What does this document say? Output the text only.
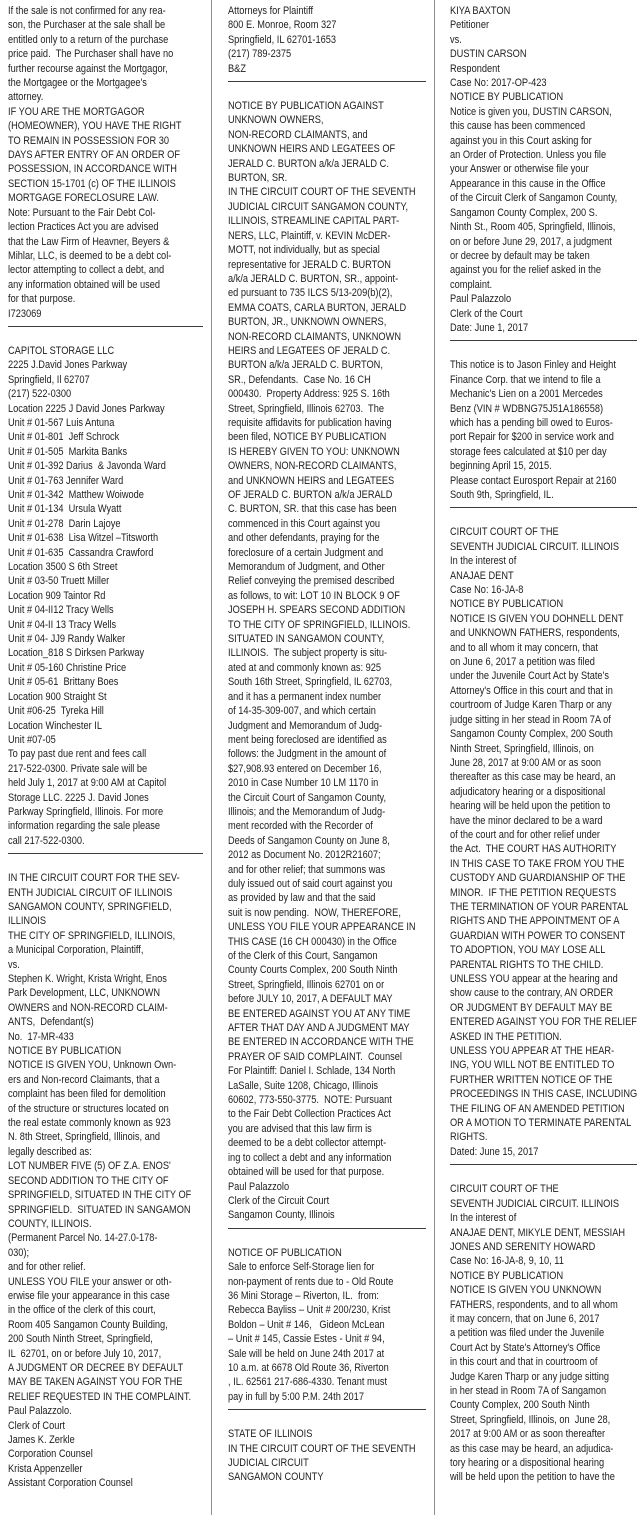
If the sale is not confirmed for any rea-
son, the Purchaser at the sale shall be
entitled only to a return of the purchase
price paid.  The Purchaser shall have no
further recourse against the Mortgagor,
the Mortgagee or the Mortgagee's
attorney.
IF YOU ARE THE MORTGAGOR
(HOMEOWNER), YOU HAVE THE RIGHT
TO REMAIN IN POSSESSION FOR 30
DAYS AFTER ENTRY OF AN ORDER OF
POSSESSION, IN ACCORDANCE WITH
SECTION 15-1701 (c) OF THE ILLINOIS
MORTGAGE FORECLOSURE LAW.
Note: Pursuant to the Fair Debt Col-
lection Practices Act you are advised
that the Law Firm of Heavner, Beyers &
Mihlar, LLC, is deemed to be a debt col-
lector attempting to collect a debt, and
any information obtained will be used
for that purpose.
I723069
CAPITOL STORAGE LLC
2225 J.David Jones Parkway
Springfield, Il 62707
(217) 522-0300
Location 2225 J David Jones Parkway
Unit # 01-567 Luis Antuna
Unit # 01-801  Jeff Schrock
Unit # 01-505  Markita Banks
Unit # 01-392 Darius  & Javonda Ward
Unit # 01-763 Jennifer Ward
Unit # 01-342  Matthew Woiwode
Unit # 01-134  Ursula Wyatt
Unit # 01-278  Darin Lajoye
Unit # 01-638  Lisa Witzel –Titsworth
Unit # 01-635  Cassandra Crawford
Location 3500 S 6th Street
Unit # 03-50 Truett Miller
Location 909 Taintor Rd
Unit # 04-II12 Tracy Wells
Unit # 04-II 13 Tracy Wells
Unit # 04- JJ9 Randy Walker
Location_818 S Dirksen Parkway
Unit # 05-160 Christine Price
Unit # 05-61  Brittany Boes
Location 900 Straight St
Unit #06-25  Tyreka Hill
Location Winchester IL
Unit #07-05
To pay past due rent and fees call
217-522-0300. Private sale will be
held July 1, 2017 at 9:00 AM at Capitol
Storage LLC. 2225 J. David Jones
Parkway Springfield, Illinois. For more
information regarding the sale please
call 217-522-0300.
IN THE CIRCUIT COURT FOR THE SEV-
ENTH JUDICIAL CIRCUIT OF ILLINOIS
SANGAMON COUNTY, SPRINGFIELD,
ILLINOIS
THE CITY OF SPRINGFIELD, ILLINOIS,
a Municipal Corporation, Plaintiff,
vs.
Stephen K. Wright, Krista Wright, Enos
Park Development, LLC, UNKNOWN
OWNERS and NON-RECORD CLAIM-
ANTS,  Defendant(s)
No.  17-MR-433
NOTICE BY PUBLICATION
NOTICE IS GIVEN YOU, Unknown Own-
ers and Non-record Claimants, that a
complaint has been filed for demolition
of the structure or structures located on
the real estate commonly known as 923
N. 8th Street, Springfield, Illinois, and
legally described as:
LOT NUMBER FIVE (5) OF Z.A. ENOS'
SECOND ADDITION TO THE CITY OF
SPRINGFIELD, SITUATED IN THE CITY OF
SPRINGFIELD.  SITUATED IN SANGAMON
COUNTY, ILLINOIS.
(Permanent Parcel No. 14-27.0-178-
030);
and for other relief.
UNLESS YOU FILE your answer or oth-
erwise file your appearance in this case
in the office of the clerk of this court,
Room 405 Sangamon County Building,
200 South Ninth Street, Springfield,
IL  62701, on or before July 10, 2017,
A JUDGMENT OR DECREE BY DEFAULT
MAY BE TAKEN AGAINST YOU FOR THE
RELIEF REQUESTED IN THE COMPLAINT.
Paul Palazzolo.
Clerk of Court
James K. Zerkle
Corporation Counsel
Krista Appenzeller
Assistant Corporation Counsel
Attorneys for Plaintiff
800 E. Monroe, Room 327
Springfield, IL 62701-1653
(217) 789-2375
B&Z
NOTICE BY PUBLICATION AGAINST
UNKNOWN OWNERS,
NON-RECORD CLAIMANTS, and
UNKNOWN HEIRS AND LEGATEES OF
JERALD C. BURTON a/k/a JERALD C.
BURTON, SR.
IN THE CIRCUIT COURT OF THE SEVENTH
JUDICIAL CIRCUIT SANGAMON COUNTY,
ILLINOIS, STREAMLINE CAPITAL PART-
NERS, LLC, Plaintiff, v. KEVIN McDER-
MOTT, not individually, but as special
representative for JERALD C. BURTON
a/k/a JERALD C. BURTON, SR., appoint-
ed pursuant to 735 ILCS 5/13-209(b)(2),
EMMA COATS, CARLA BURTON, JERALD
BURTON, JR., UNKNOWN OWNERS,
NON-RECORD CLAIMANTS, UNKNOWN
HEIRS and LEGATEES OF JERALD C.
BURTON a/k/a JERALD C. BURTON,
SR., Defendants.  Case No. 16 CH
000430.  Property Address: 925 S. 16th
Street, Springfield, Illinois 62703.  The
requisite affidavits for publication having
been filed, NOTICE BY PUBLICATION
IS HEREBY GIVEN TO YOU: UNKNOWN
OWNERS, NON-RECORD CLAIMANTS,
and UNKNOWN HEIRS and LEGATEES
OF JERALD C. BURTON a/k/a JERALD
C. BURTON, SR. that this case has been
commenced in this Court against you
and other defendants, praying for the
foreclosure of a certain Judgment and
Memorandum of Judgment, and Other
Relief conveying the premised described
as follows, to wit: LOT 10 IN BLOCK 9 OF
JOSEPH H. SPEARS SECOND ADDITION
TO THE CITY OF SPRINGFIELD, ILLINOIS.
SITUATED IN SANGAMON COUNTY,
ILLINOIS.  The subject property is situ-
ated at and commonly known as: 925
South 16th Street, Springfield, IL 62703,
and it has a permanent index number
of 14-35-309-007, and which certain
Judgment and Memorandum of Judg-
ment being foreclosed are identified as
follows: the Judgment in the amount of
$27,908.93 entered on December 16,
2010 in Case Number 10 LM 1170 in
the Circuit Court of Sangamon County,
Illinois; and the Memorandum of Judg-
ment recorded with the Recorder of
Deeds of Sangamon County on June 8,
2012 as Document No. 2012R21607;
and for other relief; that summons was
duly issued out of said court against you
as provided by law and that the said
suit is now pending.  NOW, THEREFORE,
UNLESS YOU FILE YOUR APPEARANCE IN
THIS CASE (16 CH 000430) in the Office
of the Clerk of this Court, Sangamon
County Courts Complex, 200 South Ninth
Street, Springfield, Illinois 62701 on or
before JULY 10, 2017, A DEFAULT MAY
BE ENTERED AGAINST YOU AT ANY TIME
AFTER THAT DAY AND A JUDGMENT MAY
BE ENTERED IN ACCORDANCE WITH THE
PRAYER OF SAID COMPLAINT.  Counsel
For Plaintiff: Daniel I. Schlade, 134 North
LaSalle, Suite 1208, Chicago, Illinois
60602, 773-550-3775.  NOTE: Pursuant
to the Fair Debt Collection Practices Act
you are advised that this law firm is
deemed to be a debt collector attempt-
ing to collect a debt and any information
obtained will be used for that purpose.
Paul Palazzolo
Clerk of the Circuit Court
Sangamon County, Illinois
NOTICE OF PUBLICATION
Sale to enforce Self-Storage lien for
non-payment of rents due to - Old Route
36 Mini Storage – Riverton, IL.  from:
Rebecca Bayliss – Unit # 200/230, Krist
Boldon – Unit # 146,   Gideon McLean
– Unit # 145, Cassie Estes - Unit # 94,
Sale will be held on June 24th 2017 at
10 a.m. at 6678 Old Route 36, Riverton
, IL. 62561 217-686-4330. Tenant must
pay in full by 5:00 P.M. 24th 2017
STATE OF ILLINOIS
IN THE CIRCUIT COURT OF THE SEVENTH
JUDICIAL CIRCUIT
SANGAMON COUNTY
KIYA BAXTON
Petitioner
vs.
DUSTIN CARSON
Respondent
Case No: 2017-OP-423
NOTICE BY PUBLICATION
Notice is given you, DUSTIN CARSON,
this cause has been commenced
against you in this Court asking for
an Order of Protection. Unless you file
your Answer or otherwise file your
Appearance in this cause in the Office
of the Circuit Clerk of Sangamon County,
Sangamon County Complex, 200 S.
Ninth St., Room 405, Springfield, Illinois,
on or before June 29, 2017, a judgment
or decree by default may be taken
against you for the relief asked in the
complaint.
Paul Palazzolo
Clerk of the Court
Date: June 1, 2017
This notice is to Jason Finley and Height
Finance Corp. that we intend to file a
Mechanic's Lien on a 2001 Mercedes
Benz (VIN # WDBNG75J51A186558)
which has a pending bill owed to Euros-
port Repair for $200 in service work and
storage fees calculated at $10 per day
beginning April 15, 2015.
Please contact Eurosport Repair at 2160
South 9th, Springfield, IL.
CIRCUIT COURT OF THE
SEVENTH JUDICIAL CIRCUIT. ILLINOIS
In the interest of
ANAJAE DENT
Case No: 16-JA-8
NOTICE BY PUBLICATION
NOTICE IS GIVEN YOU DOHNELL DENT
and UNKNOWN FATHERS, respondents,
and to all whom it may concern, that
on June 6, 2017 a petition was filed
under the Juvenile Court Act by State's
Attorney's Office in this court and that in
courtroom of Judge Karen Tharp or any
judge sitting in her stead in Room 7A of
Sangamon County Complex, 200 South
Ninth Street, Springfield, Illinois, on
June 28, 2017 at 9:00 AM or as soon
thereafter as this case may be heard, an
adjudicatory hearing or a dispositional
hearing will be held upon the petition to
have the minor declared to be a ward
of the court and for other relief under
the Act.  THE COURT HAS AUTHORITY
IN THIS CASE TO TAKE FROM YOU THE
CUSTODY AND GUARDIANSHIP OF THE
MINOR.  IF THE PETITION REQUESTS
THE TERMINATION OF YOUR PARENTAL
RIGHTS AND THE APPOINTMENT OF A
GUARDIAN WITH POWER TO CONSENT
TO ADOPTION, YOU MAY LOSE ALL
PARENTAL RIGHTS TO THE CHILD.
UNLESS YOU appear at the hearing and
show cause to the contrary, AN ORDER
OR JUDGMENT BY DEFAULT MAY BE
ENTERED AGAINST YOU FOR THE RELIEF
ASKED IN THE PETITION.
UNLESS YOU APPEAR AT THE HEAR-
ING, YOU WILL NOT BE ENTITLED TO
FURTHER WRITTEN NOTICE OF THE
PROCEEDINGS IN THIS CASE, INCLUDING
THE FILING OF AN AMENDED PETITION
OR A MOTION TO TERMINATE PARENTAL
RIGHTS.
Dated: June 15, 2017
CIRCUIT COURT OF THE
SEVENTH JUDICIAL CIRCUIT. ILLINOIS
In the interest of
ANAJAE DENT, MIKYLE DENT, MESSIAH
JONES AND SERENITY HOWARD
Case No: 16-JA-8, 9, 10, 11
NOTICE BY PUBLICATION
NOTICE IS GIVEN YOU UNKNOWN
FATHERS, respondents, and to all whom
it may concern, that on June 6, 2017
a petition was filed under the Juvenile
Court Act by State's Attorney's Office
in this court and that in courtroom of
Judge Karen Tharp or any judge sitting
in her stead in Room 7A of Sangamon
County Complex, 200 South Ninth
Street, Springfield, Illinois, on  June 28,
2017 at 9:00 AM or as soon thereafter
as this case may be heard, an adjudica-
tory hearing or a dispositional hearing
will be held upon the petition to have the
